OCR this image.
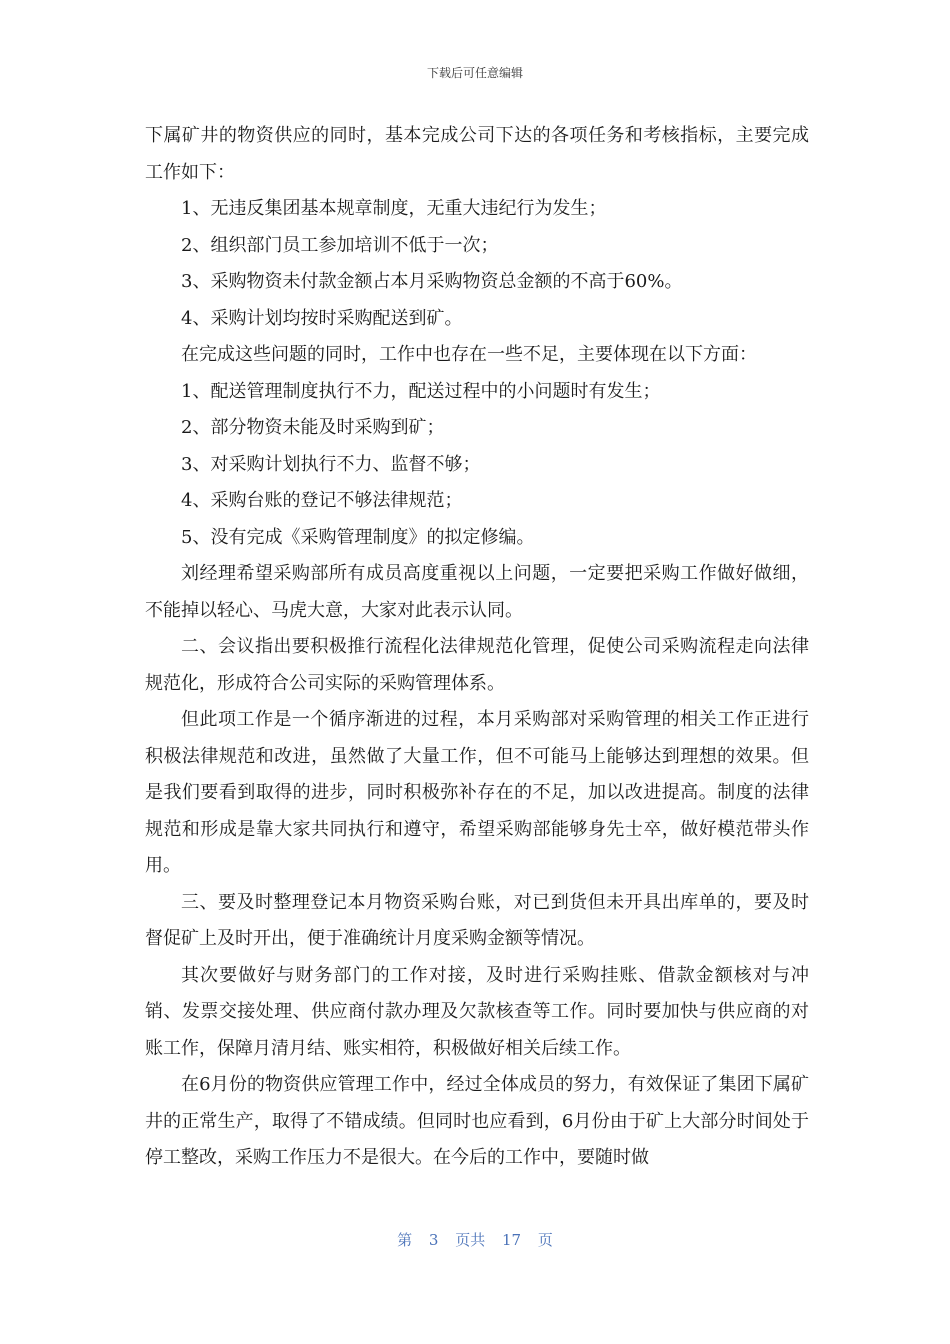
下载后可任意编辑

下属矿井的物资供应的同时，基本完成公司下达的各项任务和考核指标，主要完成工作如下：

1、无违反集团基本规章制度，无重大违纪行为发生；

2、组织部门员工参加培训不低于一次；

3、采购物资未付款金额占本月采购物资总金额的不高于60%。

4、采购计划均按时采购配送到矿。

在完成这些问题的同时，工作中也存在一些不足，主要体现在以下方面：

1、配送管理制度执行不力，配送过程中的小问题时有发生；

2、部分物资未能及时采购到矿；

3、对采购计划执行不力、监督不够；

4、采购台账的登记不够法律规范；

5、没有完成《采购管理制度》的拟定修编。

刘经理希望采购部所有成员高度重视以上问题，一定要把采购工作做好做细，不能掉以轻心、马虎大意，大家对此表示认同。

二、会议指出要积极推行流程化法律规范化管理，促使公司采购流程走向法律规范化，形成符合公司实际的采购管理体系。

但此项工作是一个循序渐进的过程，本月采购部对采购管理的相关工作正进行积极法律规范和改进，虽然做了大量工作，但不可能马上能够达到理想的效果。但是我们要看到取得的进步，同时积极弥补存在的不足，加以改进提高。制度的法律规范和形成是靠大家共同执行和遵守，希望采购部能够身先士卒，做好模范带头作用。

三、要及时整理登记本月物资采购台账，对已到货但未开具出库单的，要及时督促矿上及时开出，便于准确统计月度采购金额等情况。

其次要做好与财务部门的工作对接，及时进行采购挂账、借款金额核对与冲销、发票交接处理、供应商付款办理及欠款核查等工作。同时要加快与供应商的对账工作，保障月清月结、账实相符，积极做好相关后续工作。

在6月份的物资供应管理工作中，经过全体成员的努力，有效保证了集团下属矿井的正常生产，取得了不错成绩。但同时也应看到，6月份由于矿上大部分时间处于停工整改，采购工作压力不是很大。在今后的工作中，要随时做

第 3 页共 17 页
